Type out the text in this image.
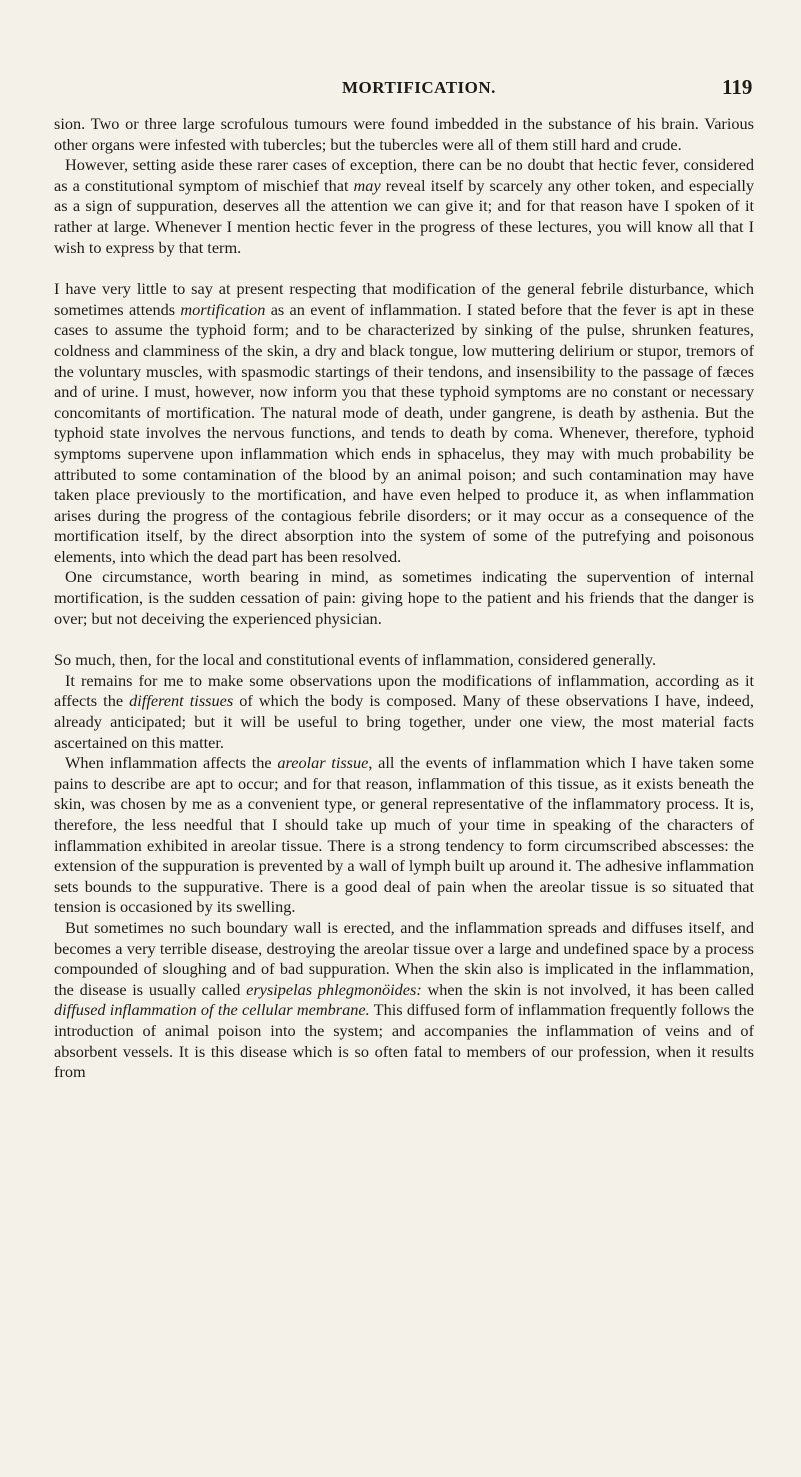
MORTIFICATION.	119

sion. Two or three large scrofulous tumours were found imbedded in the substance of his brain. Various other organs were infested with tubercles; but the tubercles were all of them still hard and crude.

However, setting aside these rarer cases of exception, there can be no doubt that hectic fever, considered as a constitutional symptom of mischief that may reveal itself by scarcely any other token, and especially as a sign of suppuration, deserves all the attention we can give it; and for that reason have I spoken of it rather at large. Whenever I mention hectic fever in the progress of these lectures, you will know all that I wish to express by that term.

I have very little to say at present respecting that modification of the general febrile disturbance, which sometimes attends mortification as an event of inflammation. I stated before that the fever is apt in these cases to assume the typhoid form; and to be characterized by sinking of the pulse, shrunken features, coldness and clamminess of the skin, a dry and black tongue, low muttering delirium or stupor, tremors of the voluntary muscles, with spasmodic startings of their tendons, and insensibility to the passage of fæces and of urine. I must, however, now inform you that these typhoid symptoms are no constant or necessary concomitants of mortification. The natural mode of death, under gangrene, is death by asthenia. But the typhoid state involves the nervous functions, and tends to death by coma. Whenever, therefore, typhoid symptoms supervene upon inflammation which ends in sphacelus, they may with much probability be attributed to some contamination of the blood by an animal poison; and such contamination may have taken place previously to the mortification, and have even helped to produce it, as when inflammation arises during the progress of the contagious febrile disorders; or it may occur as a consequence of the mortification itself, by the direct absorption into the system of some of the putrefying and poisonous elements, into which the dead part has been resolved.

One circumstance, worth bearing in mind, as sometimes indicating the supervention of internal mortification, is the sudden cessation of pain: giving hope to the patient and his friends that the danger is over; but not deceiving the experienced physician.

So much, then, for the local and constitutional events of inflammation, considered generally.

It remains for me to make some observations upon the modifications of inflammation, according as it affects the different tissues of which the body is composed. Many of these observations I have, indeed, already anticipated; but it will be useful to bring together, under one view, the most material facts ascertained on this matter.

When inflammation affects the areolar tissue, all the events of inflammation which I have taken some pains to describe are apt to occur; and for that reason, inflammation of this tissue, as it exists beneath the skin, was chosen by me as a convenient type, or general representative of the inflammatory process. It is, therefore, the less needful that I should take up much of your time in speaking of the characters of inflammation exhibited in areolar tissue. There is a strong tendency to form circumscribed abscesses: the extension of the suppuration is prevented by a wall of lymph built up around it. The adhesive inflammation sets bounds to the suppurative. There is a good deal of pain when the areolar tissue is so situated that tension is occasioned by its swelling.

But sometimes no such boundary wall is erected, and the inflammation spreads and diffuses itself, and becomes a very terrible disease, destroying the areolar tissue over a large and undefined space by a process compounded of sloughing and of bad suppuration. When the skin also is implicated in the inflammation, the disease is usually called erysipelas phlegmonöides: when the skin is not involved, it has been called diffused inflammation of the cellular membrane. This diffused form of inflammation frequently follows the introduction of animal poison into the system; and accompanies the inflammation of veins and of absorbent vessels. It is this disease which is so often fatal to members of our profession, when it results from
